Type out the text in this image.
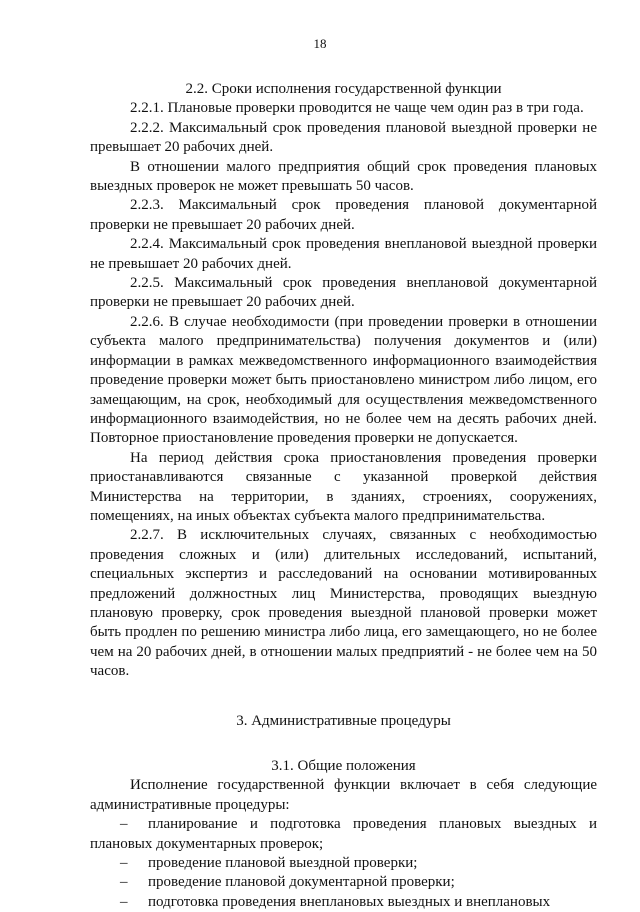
18

2.2. Сроки исполнения государственной функции

2.2.1. Плановые проверки проводится не чаще чем один раз в три года.

2.2.2. Максимальный срок проведения плановой выездной проверки не превышает 20 рабочих дней.

В отношении малого предприятия общий срок проведения плановых выездных проверок не может превышать 50 часов.

2.2.3. Максимальный срок проведения плановой документарной проверки не превышает 20 рабочих дней.

2.2.4. Максимальный срок проведения внеплановой выездной проверки не превышает 20 рабочих дней.

2.2.5. Максимальный срок проведения внеплановой документарной проверки не превышает 20 рабочих дней.

2.2.6. В случае необходимости (при проведении проверки в отношении субъекта малого предпринимательства) получения документов и (или) информации в рамках межведомственного информационного взаимодействия проведение проверки может быть приостановлено министром либо лицом, его замещающим, на срок, необходимый для осуществления межведомственного информационного взаимодействия, но не более чем на десять рабочих дней. Повторное приостановление проведения проверки не допускается.

На период действия срока приостановления проведения проверки приостанавливаются связанные с указанной проверкой действия Министерства на территории, в зданиях, строениях, сооружениях, помещениях, на иных объектах субъекта малого предпринимательства.

2.2.7. В исключительных случаях, связанных с необходимостью проведения сложных и (или) длительных исследований, испытаний, специальных экспертиз и расследований на основании мотивированных предложений должностных лиц Министерства, проводящих выездную плановую проверку, срок проведения выездной плановой проверки может быть продлен по решению министра либо лица, его замещающего, но не более чем на 20 рабочих дней, в отношении малых предприятий - не более чем на 50 часов.

3. Административные процедуры

3.1. Общие положения

Исполнение государственной функции включает в себя следующие административные процедуры:

– планирование и подготовка проведения плановых выездных и плановых документарных проверок;

– проведение плановой выездной проверки;

– проведение плановой документарной проверки;

– подготовка проведения внеплановых выездных и внеплановых
